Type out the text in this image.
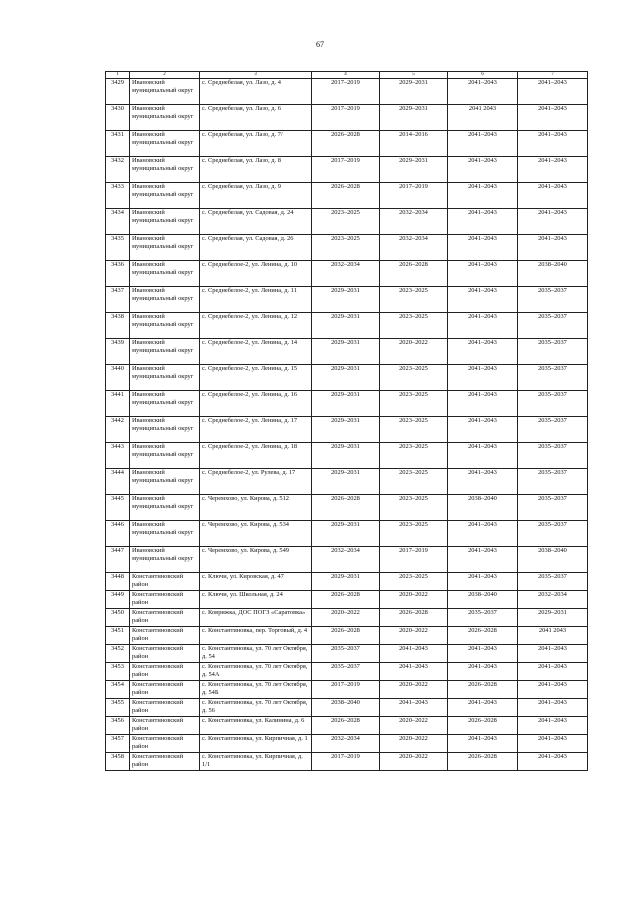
67
1	2	3	4	5	6	7
3429	Ивановский муниципальный округ	с. Среднебелая, ул. Лазо, д. 4	2017–2019	2029–2031	2041–2043	2041–2043
3430	Ивановский муниципальный округ	с. Среднебелая, ул. Лазо, д. 6	2017–2019	2029–2031	2041 2043	2041–2043
3431	Ивановский муниципальный округ	с. Среднебелая, ул. Лазо, д. 7/	2026–2028	2014–2016	2041–2043	2041–2043
3432	Ивановский муниципальный округ	с. Среднебелая, ул. Лазо, д. 8	2017–2019	2029–2031	2041–2043	2041–2043
3433	Ивановский муниципальный округ	с. Среднебелая, ул. Лазо, д. 9	2026–2028	2017–2019	2041–2043	2041–2043
3434	Ивановский муниципальный округ	с. Среднебелая, ул. Садовая, д. 24	2023–2025	2032–2034	2041–2043	2041–2043
3435	Ивановский муниципальный округ	с. Среднебелая, ул. Садовая, д. 26	2023–2025	2032–2034	2041–2043	2041–2043
3436	Ивановский муниципальный округ	с. Среднебелое-2, ул. Ленина, д. 10	2032–2034	2026–2028	2041–2043	2038–2040
3437	Ивановский муниципальный округ	с. Среднебелое-2, ул. Ленина, д. 11	2029–2031	2023–2025	2041–2043	2035–2037
3438	Ивановский муниципальный округ	с. Среднебелое-2, ул. Ленина, д. 12	2029–2031	2023–2025	2041–2043	2035–2037
3439	Ивановский муниципальный округ	с. Среднебелое-2, ул. Ленина, д. 14	2029–2031	2020–2022	2041–2043	2035–2037
3440	Ивановский муниципальный округ	с. Среднебелое-2, ул. Ленина, д. 15	2029–2031	2023–2025	2041–2043	2035–2037
3441	Ивановский муниципальный округ	с. Среднебелое-2, ул. Ленина, д. 16	2029–2031	2023–2025	2041–2043	2035–2037
3442	Ивановский муниципальный округ	с. Среднебелое-2, ул. Ленина, д. 17	2029–2031	2023–2025	2041–2043	2035–2037
3443	Ивановский муниципальный округ	с. Среднебелое-2, ул. Ленина, д. 18	2029–2031	2023–2025	2041–2043	2035–2037
3444	Ивановский муниципальный округ	с. Среднебелое-2, ул. Рулева, д. 17	2029–2031	2023–2025	2041–2043	2035–2037
3445	Ивановский муниципальный округ	с. Черемхово, ул. Кирова, д. 512	2026–2028	2023–2025	2038–2040	2035–2037
3446	Ивановский муниципальный округ	с. Черемхово, ул. Кирова, д. 534	2029–2031	2023–2025	2041–2043	2035–2037
3447	Ивановский муниципальный округ	с. Черемхово, ул. Кирова, д. 549	2032–2034	2017–2019	2041–2043	2038–2040
3448	Константиновский район	с. Ключи, ул. Кировская, д. 47	2029–2031	2023–2025	2041–2043	2035–2037
3449	Константиновский район	с. Ключи, ул. Школьная, д. 24	2026–2028	2020–2022	2038–2040	2032–2034
3450	Константиновский район	с. Коврижка, ДОС ПОГЗ «Саратовка»	2020–2022	2026–2028	2035–2037	2029–2031
3451	Константиновский район	с. Константиновка, пер. Торговый, д. 4	2026–2028	2020–2022	2026–2028	2041 2043
3452	Константиновский район	с. Константиновка, ул. 70 лет Октября, д. 54	2035–2037	2041–2043	2041–2043	2041–2043
3453	Константиновский район	с. Константиновка, ул. 70 лет Октября, д. 54А	2035–2037	2041–2043	2041–2043	2041–2043
3454	Константиновский район	с. Константиновка, ул. 70 лет Октября, д. 54Б	2017–2019	2020–2022	2026–2028	2041–2043
3455	Константиновский район	с. Константиновка, ул. 70 лет Октября, д. 56	2038–2040	2041–2043	2041–2043	2041–2043
3456	Константиновский район	с. Константиновка, ул. Калинина, д. 6	2026–2028	2020–2022	2026–2028	2041–2043
3457	Константиновский район	с. Константиновка, ул. Кирпичная, д. 1	2032–2034	2020–2022	2041–2043	2041–2043
3458	Константиновский район	с. Константиновка, ул. Кирпичная, д. 1/1	2017–2019	2020–2022	2026–2028	2041–2043
